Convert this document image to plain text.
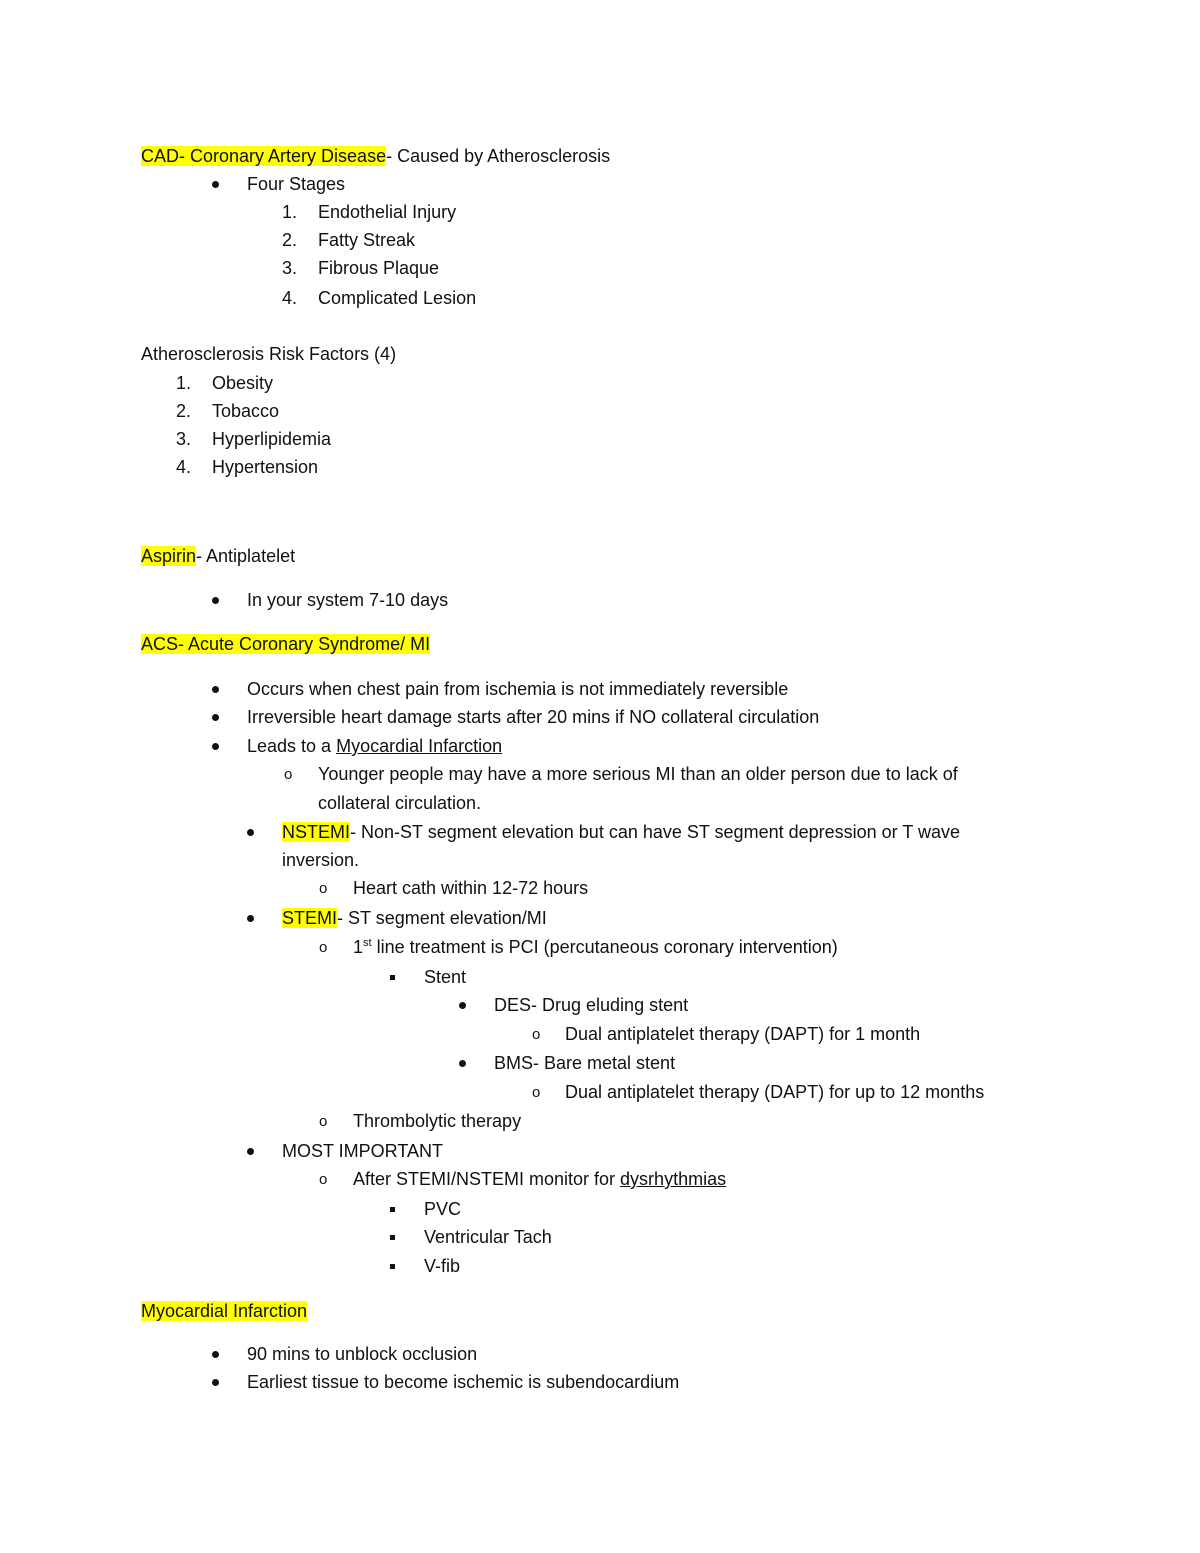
CAD- Coronary Artery Disease- Caused by Atherosclerosis
Four Stages
1. Endothelial Injury
2. Fatty Streak
3. Fibrous Plaque
4. Complicated Lesion
Atherosclerosis Risk Factors (4)
1. Obesity
2. Tobacco
3. Hyperlipidemia
4. Hypertension
Aspirin- Antiplatelet
In your system 7-10 days
ACS- Acute Coronary Syndrome/ MI
Occurs when chest pain from ischemia is not immediately reversible
Irreversible heart damage starts after 20 mins if NO collateral circulation
Leads to a Myocardial Infarction
o Younger people may have a more serious MI than an older person due to lack of
collateral circulation.
NSTEMI- Non-ST segment elevation but can have ST segment depression or T wave
inversion.
o Heart cath within 12-72 hours
STEMI- ST segment elevation/MI
o 1st line treatment is PCI (percutaneous coronary intervention)
Stent
DES- Drug eluding stent
o Dual antiplatelet therapy (DAPT) for 1 month
BMS- Bare metal stent
o Dual antiplatelet therapy (DAPT) for up to 12 months
o Thrombolytic therapy
MOST IMPORTANT
o After STEMI/NSTEMI monitor for dysrhythmias
PVC
Ventricular Tach
V-fib
Myocardial Infarction
90 mins to unblock occlusion
Earliest tissue to become ischemic is subendocardium
